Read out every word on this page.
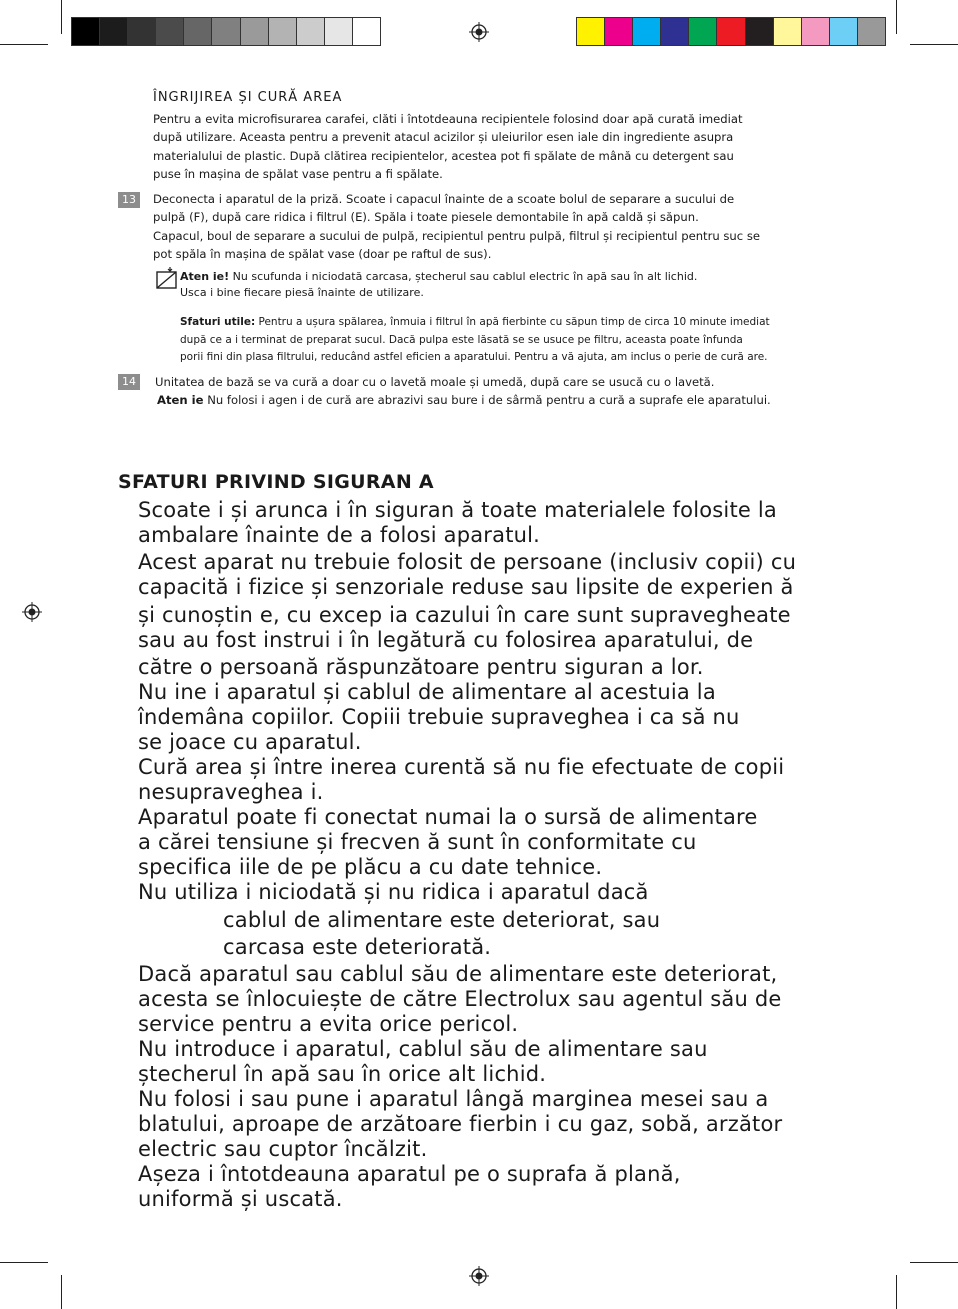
ÎNGRIJIREA ȘI CURĂ AREA
Pentru a evita microfisurarea carafei, clăti i întotdeauna recipientele folosind doar apă curată imediat
după utilizare. Aceasta pentru a prevenit atacul acizilor și uleiurilor esen iale din ingrediente asupra
materialului de plastic. După clătirea recipientelor, acestea pot fi spălate de mână cu detergent sau
puse în mașina de spălat vase pentru a fi spălate.
13	Deconecta i aparatul de la priză. Scoate i capacul înainte de a scoate bolul de separare a sucului de
pulpă (F), după care ridica i filtrul (E). Spăla i toate piesele demontabile în apă caldă și săpun.
Capacul, boul de separare a sucului de pulpă, recipientul pentru pulpă, filtrul și recipientul pentru suc se
pot spăla în mașina de spălat vase (doar pe raftul de sus).
Aten ie! Nu scufunda i niciodată carcasa, ștecherul sau cablul electric în apă sau în alt lichid.
Usca i bine fiecare piesă înainte de utilizare.
Sfaturi utile: Pentru a ușura spălarea, înmuia i filtrul în apă fierbinte cu săpun timp de circa 10 minute imediat
după ce a i terminat de preparat sucul. Dacă pulpa este lăsată se se usuce pe filtru, aceasta poate înfunda
porii fini din plasa filtrului, reducând astfel eficien a aparatului. Pentru a vă ajuta, am inclus o perie de cură are.
14	Unitatea de bază se va cură a doar cu o lavetă moale și umedă, după care se usucă cu o lavetă.
Aten ie Nu folosi i agen i de cură are abrazivi sau bure i de sârmă pentru a cură a suprafe ele aparatului.
SFATURI PRIVIND SIGURAN A
Scoate i și arunca i în siguran ă toate materialele folosite la
ambalare înainte de a folosi aparatul.
Acest aparat nu trebuie folosit de persoane (inclusiv copii) cu
capacită i fizice și senzoriale reduse sau lipsite de experien ă
și cunoștin e, cu excep ia cazului în care sunt supravegheate
sau au fost instrui i în legătură cu folosirea aparatului, de
către o persoană răspunzătoare pentru siguran a lor.
Nu ine i aparatul și cablul de alimentare al acestuia la
îndemâna copiilor. Copiii trebuie supraveghea i ca să nu
se joace cu aparatul.
Cură area și între inerea curentă să nu fie efectuate de copii
nesupraveghea i.
Aparatul poate fi conectat numai la o sursă de alimentare
a cărei tensiune și frecven ă sunt în conformitate cu
specifica iile de pe plăcu a cu date tehnice.
Nu utiliza i niciodată și nu ridica i aparatul dacă
cablul de alimentare este deteriorat, sau
carcasa este deteriorată.
Dacă aparatul sau cablul său de alimentare este deteriorat,
acesta se înlocuiește de către Electrolux sau agentul său de
service pentru a evita orice pericol.
Nu introduce i aparatul, cablul său de alimentare sau
ștecherul în apă sau în orice alt lichid.
Nu folosi i sau pune i aparatul lângă marginea mesei sau a
blatului, aproape de arzătoare fierbin i cu gaz, sobă, arzător
electric sau cuptor încălzit.
Așeza i întotdeauna aparatul pe o suprafa ă plană,
uniformă și uscată.
